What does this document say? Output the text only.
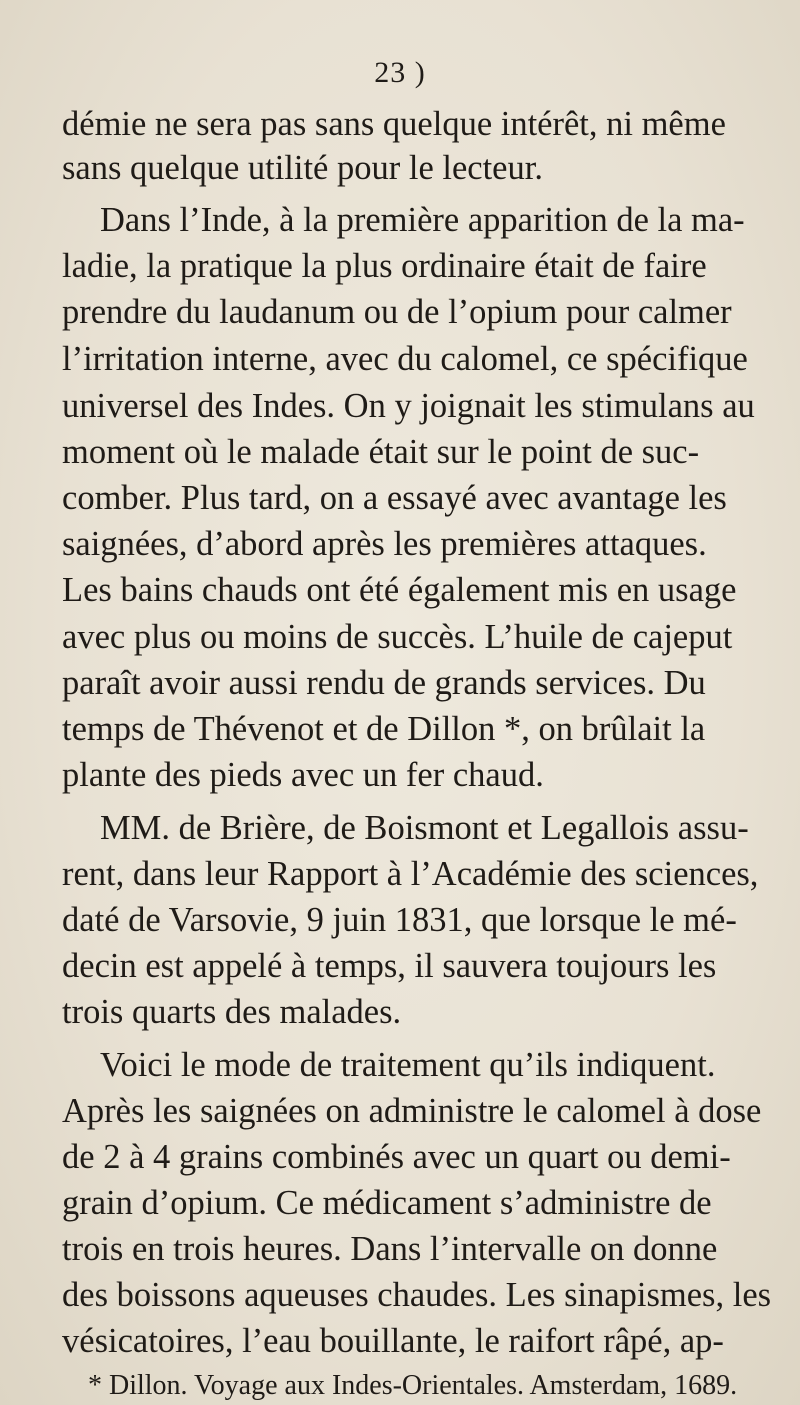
23 )
démie ne sera pas sans quelque intérêt, ni même
sans quelque utilité pour le lecteur.
Dans l’Inde, à la première apparition de la ma-
ladie, la pratique la plus ordinaire était de faire
prendre du laudanum ou de l’opium pour calmer
l’irritation interne, avec du calomel, ce spécifique
universel des Indes. On y joignait les stimulans au
moment où le malade était sur le point de suc-
comber. Plus tard, on a essayé avec avantage les
saignées, d’abord après les premières attaques.
Les bains chauds ont été également mis en usage
avec plus ou moins de succès. L’huile de cajeput
paraît avoir aussi rendu de grands services. Du
temps de Thévenot et de Dillon *, on brûlait la
plante des pieds avec un fer chaud.
MM. de Brière, de Boismont et Legallois assu-
rent, dans leur Rapport à l’Académie des sciences,
daté de Varsovie, 9 juin 1831, que lorsque le mé-
decin est appelé à temps, il sauvera toujours les
trois quarts des malades.
Voici le mode de traitement qu’ils indiquent.
Après les saignées on administre le calomel à dose
de 2 à 4 grains combinés avec un quart ou demi-
grain d’opium. Ce médicament s’administre de
trois en trois heures. Dans l’intervalle on donne
des boissons aqueuses chaudes. Les sinapismes, les
vésicatoires, l’eau bouillante, le raifort râpé, ap-
* Dillon. Voyage aux Indes-Orientales. Amsterdam, 1689.
